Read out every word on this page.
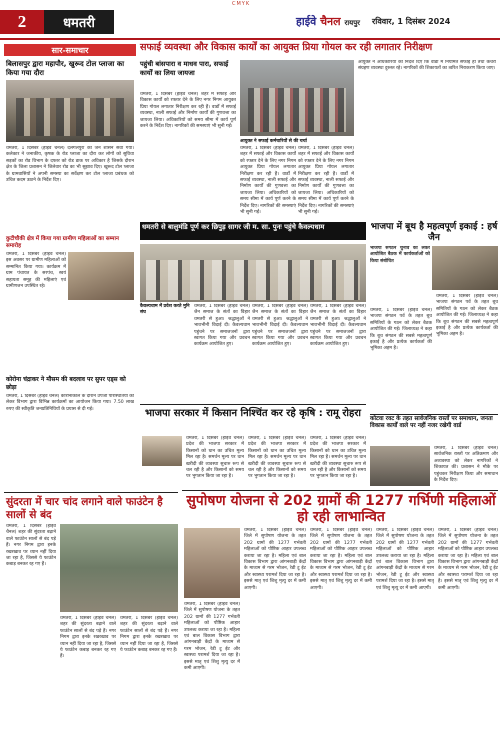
CMYK
2	धमतरी	हाईवे चैनल रायपुर रविवार, 1 दिसंबर 2024
सार-समाचार
बिलासपुर द्वारा महापौर, खुरूद टोल प्लाजा का किया गया दौरा
धमतरी, 1 दिसंबर (हाईवे चैनल) दलगलपुरा की जन शासन सेवा गया। कलेक्टर ने जनाकीय, कृषक के रोड प्लाजा का दौरा कर लोगों को सुविधा सड़कों का रोड विभाग के दफ्तर को रोड डाक पर अधिकार है जिसके दौरान क्षेत्र के जिला प्रशासन ने जिलेवार रोड का भी सुझाव दिए। खुरूद टोल प्लाजा के ग्रामवासियों ने अपनी समस्या का सर्वेक्षण कर टोल प्लाजा प्रबंधक को उचित कदम उठाने के निर्देश दिए।
कुटीचौकी क्षेत्र में किया गया ग्रामीण महिलाओं का सम्मान समारोह
धमतरी, 1 दिसंबर (हाईवे चैनल) इस अवसर पर ग्रामीण महिलाओं को सम्मानित किया गया। कार्यक्रम में ग्राम पंचायत के सरपंच, स्वयं सहायता समूह की महिलाएं एवं ग्रामीणजन उपस्थित रहे।
कोरोना चंद्राकर ने मौसम की बदलाव पर सुपर एड्स को छोड़ा
धमतरी, 1 दिसंबर (हाईवे चैनल) कोरोनाकाल के दौरान उपजी परिस्थितियों को लेकर विभाग द्वारा विभिन्न कार्यक्रमों का आयोजन किया गया। 7.50 लाख रुपए की स्वीकृति जनप्रतिनिधियों के प्रयास से दी गई।
सुंदरता में चार चांद लगाने वाले फाउंटेन है सालों से बंद
धमतरी, 1 दिसंबर (हाईवे चैनल) शहर की सुंदरता बढ़ाने वाले फाउंटेन सालों से बंद पड़े हैं। नगर निगम द्वारा इनके रखरखाव पर ध्यान नहीं दिया जा रहा है, जिससे ये फाउंटेन कबाड़ बनकर रह गए हैं।
धमतरी, 1 दिसंबर (हाईवे चैनल) शहर की सुंदरता बढ़ाने वाले फाउंटेन सालों से बंद पड़े हैं। नगर निगम द्वारा इनके रखरखाव पर ध्यान नहीं दिया जा रहा है, जिससे ये फाउंटेन कबाड़ बनकर रह गए हैं।
धमतरी, 1 दिसंबर (हाईवे चैनल) शहर की सुंदरता बढ़ाने वाले फाउंटेन सालों से बंद पड़े हैं। नगर निगम द्वारा इनके रखरखाव पर ध्यान नहीं दिया जा रहा है, जिससे ये फाउंटेन कबाड़ बनकर रह गए हैं।
सफाई व्यवस्था और विकास कार्यों का आयुक्त प्रिया गोयल कर रही लगातार निरीक्षण
पहुंची बांसपारा व माधव पारा, सफाई कार्यों का लिया जायजा
धमतरी, 1 दिसंबर (हाईवे चैनल) शहर में सफाई और विकास कार्यों को रफ्तार देने के लिए नगर निगम आयुक्त प्रिया गोयल लगातार निरीक्षण कर रही हैं। वार्डों में सफाई व्यवस्था, नाली सफाई और निर्माण कार्यों की गुणवत्ता का जायजा लिया। अधिकारियों को समय सीमा में कार्य पूर्ण करने के निर्देश दिए। नागरिकों की समस्याएं भी सुनी गईं।
आयुक्त ने सफाई कर्मचारियों से की चर्चा
धमतरी, 1 दिसंबर (हाईवे चैनल) शहर में सफाई और विकास कार्यों को रफ्तार देने के लिए नगर निगम आयुक्त प्रिया गोयल लगातार निरीक्षण कर रही हैं। वार्डों में सफाई व्यवस्था, नाली सफाई और निर्माण कार्यों की गुणवत्ता का जायजा लिया। अधिकारियों को समय सीमा में कार्य पूर्ण करने के निर्देश दिए। नागरिकों की समस्याएं भी सुनी गईं।
धमतरी, 1 दिसंबर (हाईवे चैनल) शहर में सफाई और विकास कार्यों को रफ्तार देने के लिए नगर निगम आयुक्त प्रिया गोयल लगातार निरीक्षण कर रही हैं। वार्डों में सफाई व्यवस्था, नाली सफाई और निर्माण कार्यों की गुणवत्ता का जायजा लिया। अधिकारियों को समय सीमा में कार्य पूर्ण करने के निर्देश दिए। नागरिकों की समस्याएं भी सुनी गईं।
आयुक्त ने अधिकारियों को निर्देश दिए कि वार्डों में नियमित सफाई हो तथा कचरा संग्रहण व्यवस्था दुरुस्त रहे। नागरिकों की शिकायतों का त्वरित निराकरण किया जाए।
धमतरी से बालुमंडि पूर्ण कर छिपुड़ सागर जी म. सा. पुनः पहुंचे कैवल्यधाम
कैवल्यधाम में प्रवेश करते मुनि संघ
धमतरी, 1 दिसंबर (हाईवे चैनल) जैन समाज के संतों का विहार धमतरी से हुआ। श्रद्धालुओं ने भावभीनी विदाई दी। कैवल्यधाम पहुंचने पर समाजजनों द्वारा स्वागत किया गया और प्रवचन कार्यक्रम आयोजित हुए।
धमतरी, 1 दिसंबर (हाईवे चैनल) जैन समाज के संतों का विहार धमतरी से हुआ। श्रद्धालुओं ने भावभीनी विदाई दी। कैवल्यधाम पहुंचने पर समाजजनों द्वारा स्वागत किया गया और प्रवचन कार्यक्रम आयोजित हुए।
धमतरी, 1 दिसंबर (हाईवे चैनल) जैन समाज के संतों का विहार धमतरी से हुआ। श्रद्धालुओं ने भावभीनी विदाई दी। कैवल्यधाम पहुंचने पर समाजजनों द्वारा स्वागत किया गया और प्रवचन कार्यक्रम आयोजित हुए।
भाजपा में बूथ है महत्वपूर्ण इकाई : हर्ष जैन
भाजपा संगठन चुनाव को लेकर आयोजित बैठक में कार्यकर्ताओं को किया संबोधित
धमतरी, 1 दिसंबर (हाईवे चैनल) भाजपा संगठन पर्व के तहत बूथ समितियों के गठन को लेकर बैठक आयोजित की गई। जिलाध्यक्ष ने कहा कि बूथ संगठन की सबसे महत्वपूर्ण इकाई है और प्रत्येक कार्यकर्ता की भूमिका अहम है।
धमतरी, 1 दिसंबर (हाईवे चैनल) भाजपा संगठन पर्व के तहत बूथ समितियों के गठन को लेकर बैठक आयोजित की गई। जिलाध्यक्ष ने कहा कि बूथ संगठन की सबसे महत्वपूर्ण इकाई है और प्रत्येक कार्यकर्ता की भूमिका अहम है।
भाजपा सरकार में किसान निश्चिंत कर रहे कृषि : रामू रोहरा
धमतरी, 1 दिसंबर (हाईवे चैनल) प्रदेश की भाजपा सरकार में किसानों को धान का उचित मूल्य मिल रहा है। समर्थन मूल्य पर धान खरीदी की व्यवस्था सुचारु रूप से चल रही है और किसानों को समय पर भुगतान किया जा रहा है।
धमतरी, 1 दिसंबर (हाईवे चैनल) प्रदेश की भाजपा सरकार में किसानों को धान का उचित मूल्य मिल रहा है। समर्थन मूल्य पर धान खरीदी की व्यवस्था सुचारु रूप से चल रही है और किसानों को समय पर भुगतान किया जा रहा है।
धमतरी, 1 दिसंबर (हाईवे चैनल) प्रदेश की भाजपा सरकार में किसानों को धान का उचित मूल्य मिल रहा है। समर्थन मूल्य पर धान खरीदी की व्यवस्था सुचारु रूप से चल रही है और किसानों को समय पर भुगतान किया जा रहा है।
कोटवा रवट के तहत सार्वजनिक रास्तों पर समाधान, जनता विकास कार्यों वाले पर नहीं नजर रखेगी वार्ड
धमतरी, 1 दिसंबर (हाईवे चैनल) सार्वजनिक रास्तों पर अतिक्रमण और अव्यवस्था को लेकर नागरिकों ने शिकायत की। प्रशासन ने मौके पर पहुंचकर निरीक्षण किया और समाधान के निर्देश दिए।
सुपोषण योजना से 202 ग्रामों की 1277 गर्भिणी महिलाओं हो रही लाभान्वित
धमतरी, 1 दिसंबर (हाईवे चैनल) जिले में सुपोषण योजना के तहत 202 ग्रामों की 1277 गर्भवती महिलाओं को पौष्टिक आहार उपलब्ध कराया जा रहा है। महिला एवं बाल विकास विभाग द्वारा आंगनबाड़ी केंद्रों के माध्यम से गरम भोजन, रेडी टू ईट और स्वास्थ्य परामर्श दिया जा रहा है। इससे मातृ एवं शिशु मृत्यु दर में कमी आएगी।
धमतरी, 1 दिसंबर (हाईवे चैनल) जिले में सुपोषण योजना के तहत 202 ग्रामों की 1277 गर्भवती महिलाओं को पौष्टिक आहार उपलब्ध कराया जा रहा है। महिला एवं बाल विकास विभाग द्वारा आंगनबाड़ी केंद्रों के माध्यम से गरम भोजन, रेडी टू ईट और स्वास्थ्य परामर्श दिया जा रहा है। इससे मातृ एवं शिशु मृत्यु दर में कमी आएगी।
धमतरी, 1 दिसंबर (हाईवे चैनल) जिले में सुपोषण योजना के तहत 202 ग्रामों की 1277 गर्भवती महिलाओं को पौष्टिक आहार उपलब्ध कराया जा रहा है। महिला एवं बाल विकास विभाग द्वारा आंगनबाड़ी केंद्रों के माध्यम से गरम भोजन, रेडी टू ईट और स्वास्थ्य परामर्श दिया जा रहा है। इससे मातृ एवं शिशु मृत्यु दर में कमी आएगी।
धमतरी, 1 दिसंबर (हाईवे चैनल) जिले में सुपोषण योजना के तहत 202 ग्रामों की 1277 गर्भवती महिलाओं को पौष्टिक आहार उपलब्ध कराया जा रहा है। महिला एवं बाल विकास विभाग द्वारा आंगनबाड़ी केंद्रों के माध्यम से गरम भोजन, रेडी टू ईट और स्वास्थ्य परामर्श दिया जा रहा है। इससे मातृ एवं शिशु मृत्यु दर में कमी आएगी।
धमतरी, 1 दिसंबर (हाईवे चैनल) जिले में सुपोषण योजना के तहत 202 ग्रामों की 1277 गर्भवती महिलाओं को पौष्टिक आहार उपलब्ध कराया जा रहा है। महिला एवं बाल विकास विभाग द्वारा आंगनबाड़ी केंद्रों के माध्यम से गरम भोजन, रेडी टू ईट और स्वास्थ्य परामर्श दिया जा रहा है। इससे मातृ एवं शिशु मृत्यु दर में कमी आएगी।
